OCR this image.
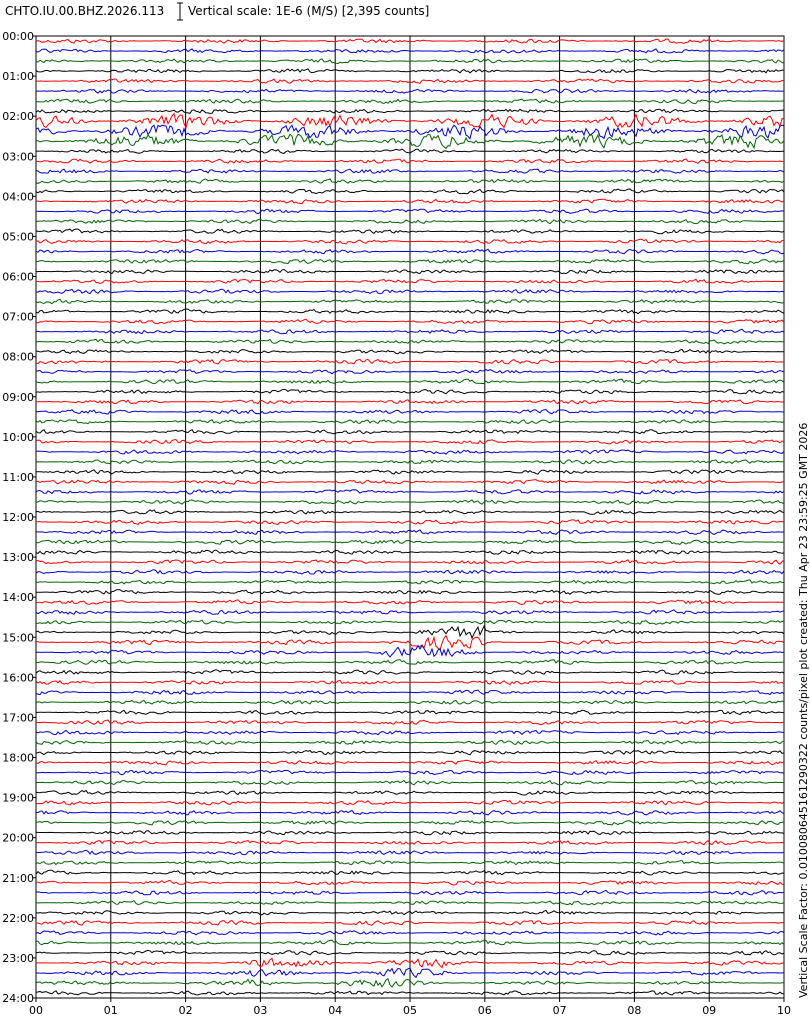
CHTO.IU.00.BHZ.2026.113 Vertical scale: 1E-6 (M/S) [2,395 counts]
00	01	02	03	04	05	06	07	08	09	10
00:00
01:00
02:00
03:00
04:00
05:00
06:00
07:00
08:00
09:00
10:00
11:00
12:00
13:00
14:00
15:00
16:00
17:00
18:00
19:00
20:00
21:00
22:00
23:00
24:00
Vertical Scale Factor: 0.010080645161290322 counts/pixel plot created: Thu Apr 23 23:59:25 GMT 2026
